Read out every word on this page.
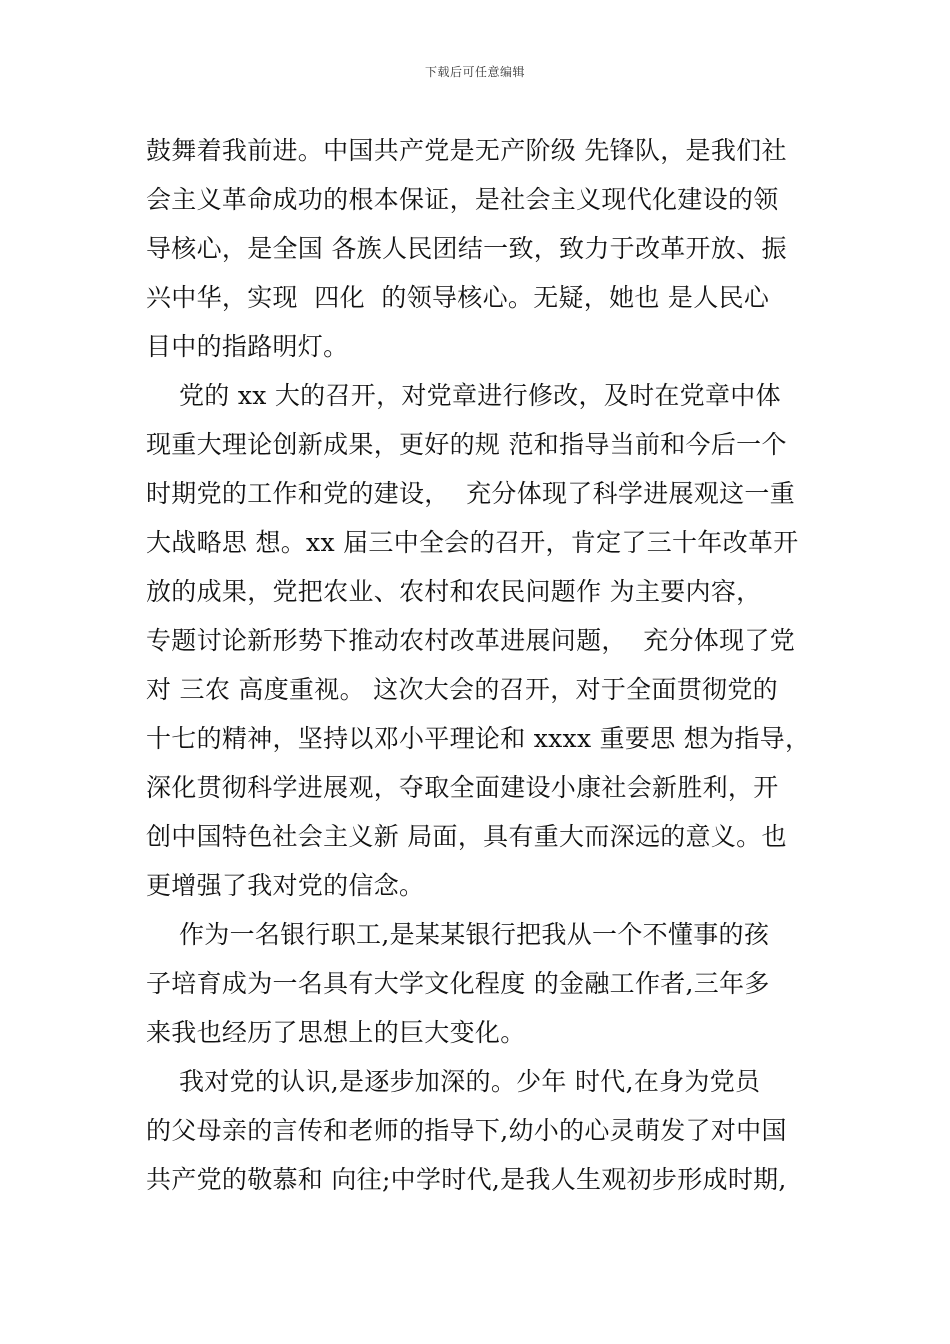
下载后可任意编辑
鼓舞着我前进。中国共产党是无产阶级 先锋队，是我们社
会主义革命成功的根本保证，是社会主义现代化建设的领
导核心，是全国 各族人民团结一致，致力于改革开放、振
兴中华，实现  四化  的领导核心。无疑，她也 是人民心
目中的指路明灯。
党的 xx 大的召开，对党章进行修改，及时在党章中体
现重大理论创新成果，更好的规 范和指导当前和今后一个
时期党的工作和党的建设，  充分体现了科学进展观这一重
大战略思 想。xx 届三中全会的召开，肯定了三十年改革开
放的成果，党把农业、农村和农民问题作 为主要内容，
专题讨论新形势下推动农村改革进展问题，  充分体现了党
对 三农 高度重视。 这次大会的召开，对于全面贯彻党的
十七的精神，坚持以邓小平理论和 xxxx 重要思 想为指导，
深化贯彻科学进展观，夺取全面建设小康社会新胜利，开
创中国特色社会主义新 局面，具有重大而深远的意义。也
更增强了我对党的信念。
作为一名银行职工,是某某银行把我从一个不懂事的孩
子培育成为一名具有大学文化程度 的金融工作者,三年多
来我也经历了思想上的巨大变化。
我对党的认识,是逐步加深的。少年 时代,在身为党员
的父母亲的言传和老师的指导下,幼小的心灵萌发了对中国
共产党的敬慕和 向往;中学时代,是我人生观初步形成时期,
